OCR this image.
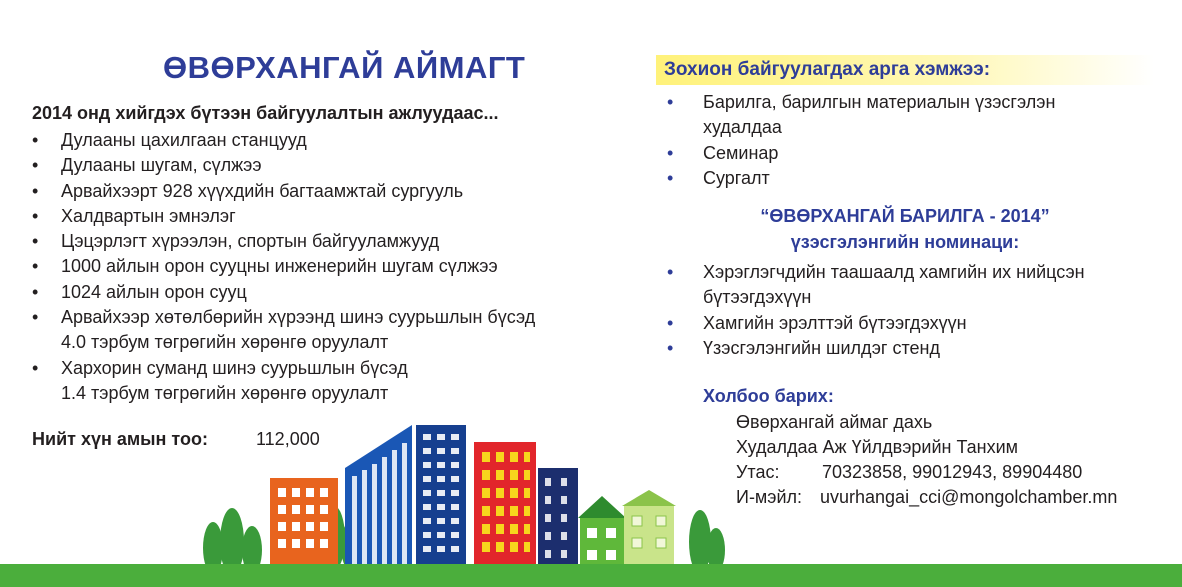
ӨВӨРХАНГАЙ АЙМАГТ
2014 онд хийгдэх бүтээн байгуулалтын ажлуудаас...
• Дулааны цахилгаан станцууд
• Дулааны шугам, сүлжээ
• Арвайхээрт 928 хүүхдийн багтаамжтай сургууль
• Халдвартын эмнэлэг
• Цэцэрлэгт хүрээлэн, спортын байгууламжууд
• 1000 айлын орон сууцны инженерийн шугам сүлжээ
• 1024 айлын орон сууц
• Арвайхээр хөтөлбөрийн хүрээнд шинэ суурьшлын бүсэд
4.0 тэрбум төгрөгийн хөрөнгө оруулалт
• Хархорин суманд шинэ суурьшлын бүсэд
1.4 тэрбум төгрөгийн хөрөнгө оруулалт
Нийт хүн амын тоо:	112,000
Зохион байгуулагдах арга хэмжээ:
• Барилга, барилгын материалын үзэсгэлэн
худалдаа
• Семинар
• Сургалт
“ӨВӨРХАНГАЙ БАРИЛГА - 2014”
үзэсгэлэнгийн номинаци:
• Хэрэглэгчдийн таашаалд хамгийн их нийцсэн
бүтээгдэхүүн
• Хамгийн эрэлттэй бүтээгдэхүүн
• Үзэсгэлэнгийн шилдэг стенд
Холбоо барих:
Өвөрхангай аймаг дахь
Худалдаа Аж Үйлдвэрийн Танхим
Утас: 70323858, 99012943, 89904480
И-мэйл: uvurhangai_cci@mongolchamber.mn
